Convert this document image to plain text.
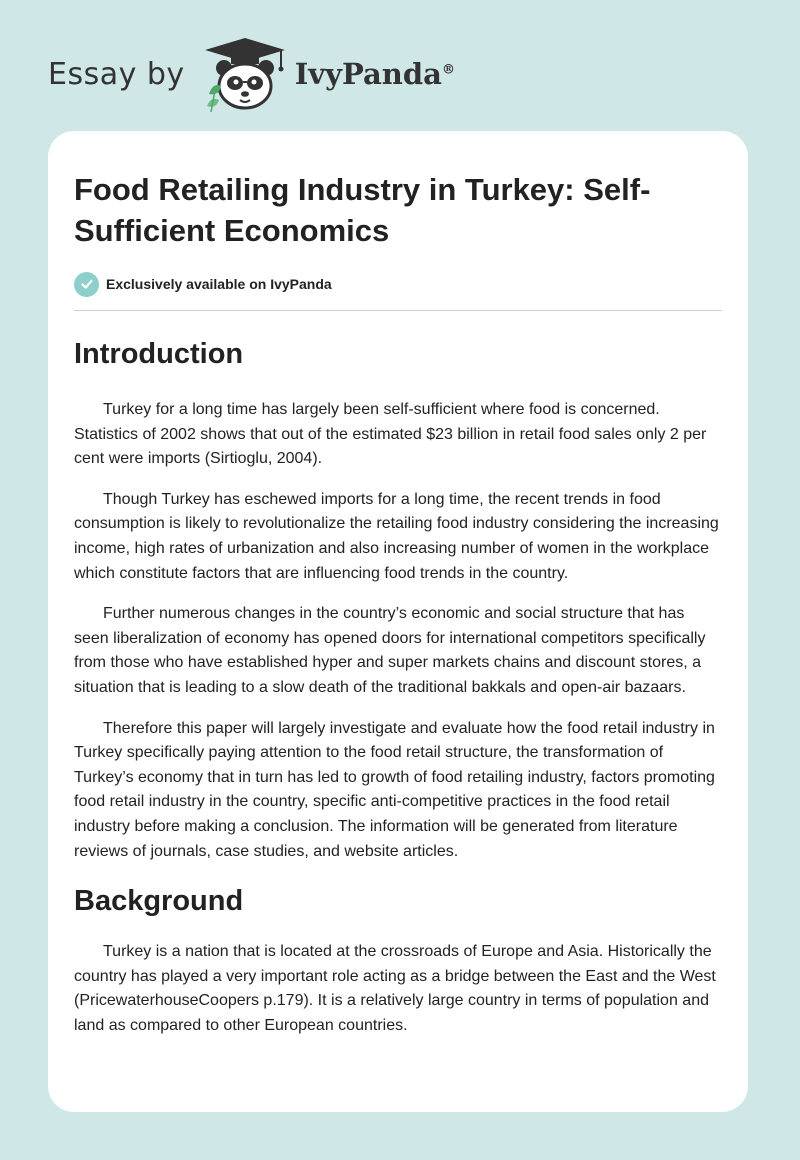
Essay by	IvyPanda®
Food Retailing Industry in Turkey: Self-Sufficient Economics
Exclusively available on IvyPanda
Introduction

Turkey for a long time has largely been self-sufficient where food is concerned. Statistics of 2002 shows that out of the estimated $23 billion in retail food sales only 2 per cent were imports (Sirtioglu, 2004).

Though Turkey has eschewed imports for a long time, the recent trends in food consumption is likely to revolutionalize the retailing food industry considering the increasing income, high rates of urbanization and also increasing number of women in the workplace which constitute factors that are influencing food trends in the country.

Further numerous changes in the country’s economic and social structure that has seen liberalization of economy has opened doors for international competitors specifically from those who have established hyper and super markets chains and discount stores, a situation that is leading to a slow death of the traditional bakkals and open-air bazaars.

Therefore this paper will largely investigate and evaluate how the food retail industry in Turkey specifically paying attention to the food retail structure, the transformation of Turkey’s economy that in turn has led to growth of food retailing industry, factors promoting food retail industry in the country, specific anti-competitive practices in the food retail industry before making a conclusion. The information will be generated from literature reviews of journals, case studies, and website articles.

Background

Turkey is a nation that is located at the crossroads of Europe and Asia. Historically the country has played a very important role acting as a bridge between the East and the West (PricewaterhouseCoopers p.179). It is a relatively large country in terms of population and land as compared to other European countries.
